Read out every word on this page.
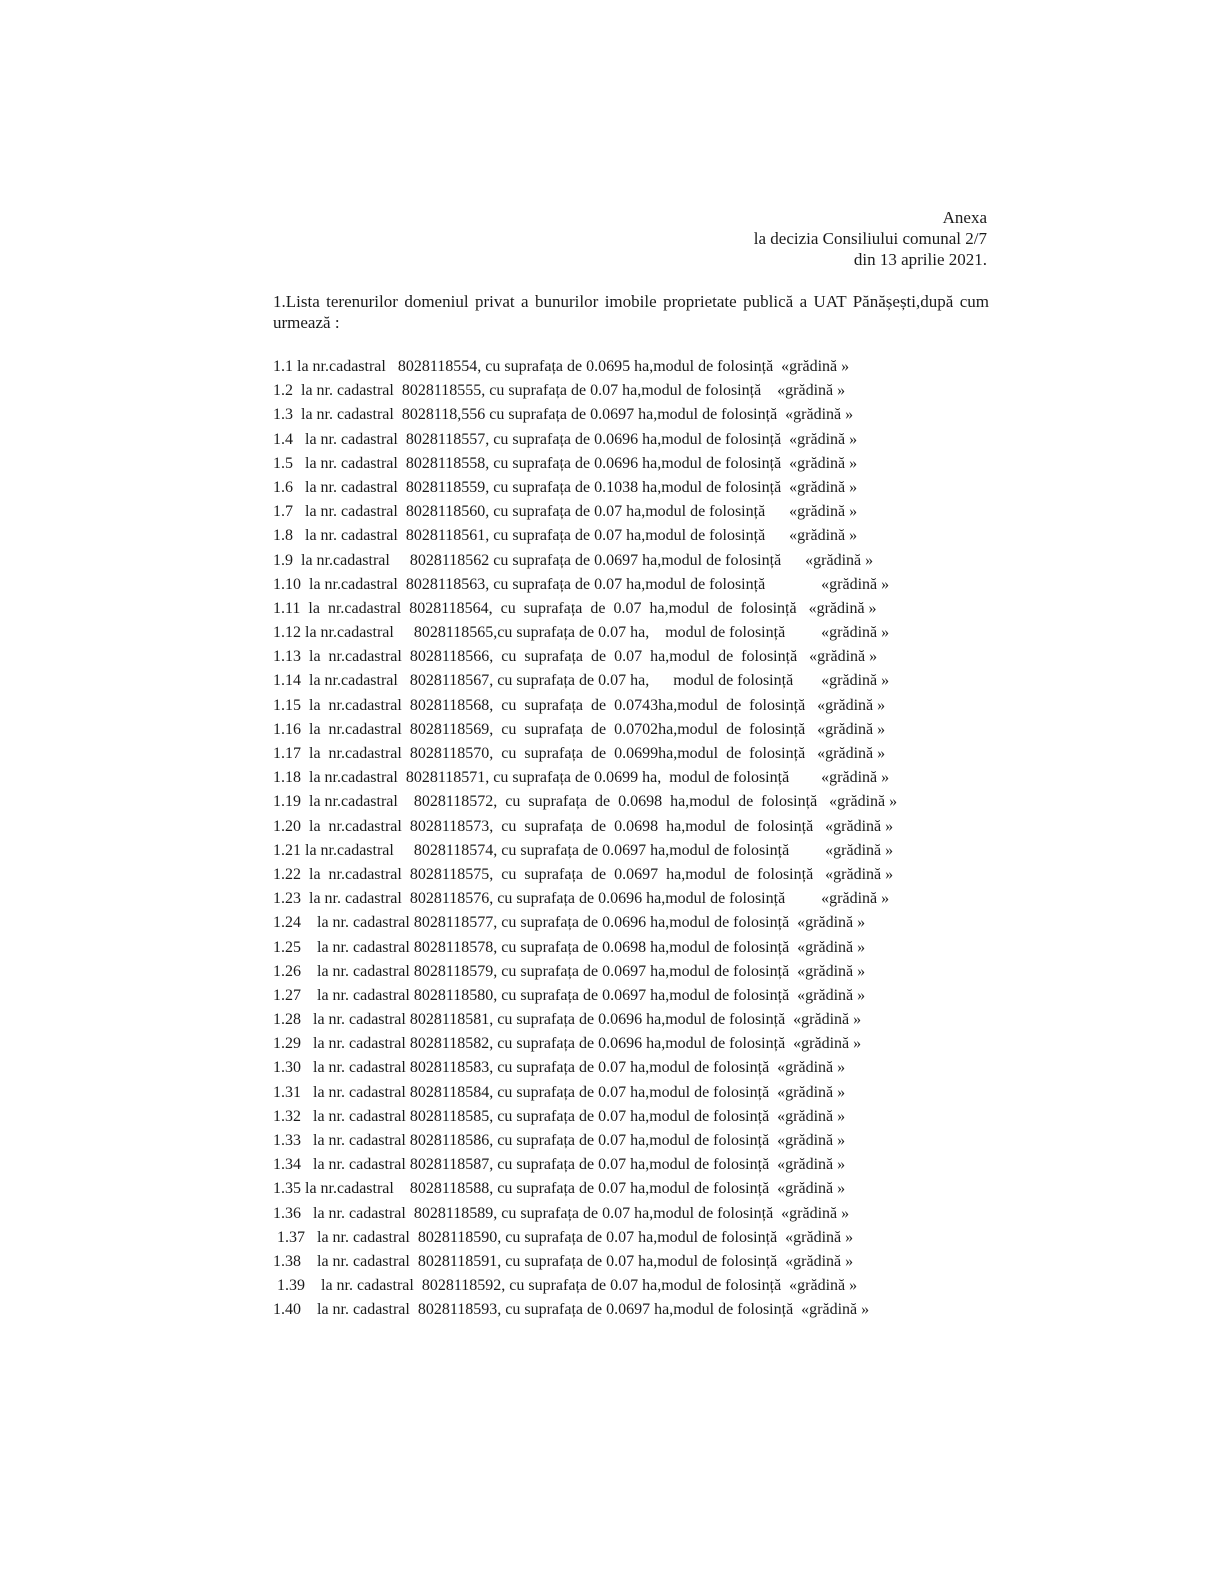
Anexa
la decizia Consiliului comunal 2/7
din 13 aprilie 2021.
1.Lista terenurilor domeniul privat a bunurilor imobile proprietate publică a UAT Pănășești,după cum urmează :
1.1 la nr.cadastral   8028118554, cu suprafața de 0.0695 ha,modul de folosință  «grădină »
1.2  la nr. cadastral  8028118555, cu suprafața de 0.07 ha,modul de folosință    «grădină »
1.3  la nr. cadastral  8028118,556 cu suprafața de 0.0697 ha,modul de folosință  «grădină »
1.4   la nr. cadastral  8028118557, cu suprafața de 0.0696 ha,modul de folosință  «grădină »
1.5   la nr. cadastral  8028118558, cu suprafața de 0.0696 ha,modul de folosință  «grădină »
1.6   la nr. cadastral  8028118559, cu suprafața de 0.1038 ha,modul de folosință  «grădină »
1.7   la nr. cadastral  8028118560, cu suprafața de 0.07 ha,modul de folosință      «grădină »
1.8   la nr. cadastral  8028118561, cu suprafața de 0.07 ha,modul de folosință      «grădină »
1.9  la nr.cadastral     8028118562 cu suprafața de 0.0697 ha,modul de folosință      «grădină »
1.10  la nr.cadastral  8028118563, cu suprafața de 0.07 ha,modul de folosință              «grădină »
1.11  la  nr.cadastral  8028118564,  cu  suprafața  de  0.07  ha,modul  de  folosință   «grădină »
1.12 la nr.cadastral     8028118565,cu suprafața de 0.07 ha,    modul de folosință         «grădină »
1.13  la  nr.cadastral  8028118566,  cu  suprafața  de  0.07  ha,modul  de  folosință   «grădină »
1.14  la nr.cadastral   8028118567, cu suprafața de 0.07 ha,      modul de folosință       «grădină »
1.15  la  nr.cadastral  8028118568,  cu  suprafața  de  0.0743ha,modul  de  folosință   «grădină »
1.16  la  nr.cadastral  8028118569,  cu  suprafața  de  0.0702ha,modul  de  folosință   «grădină »
1.17  la  nr.cadastral  8028118570,  cu  suprafața  de  0.0699ha,modul  de  folosință   «grădină »
1.18  la nr.cadastral  8028118571, cu suprafața de 0.0699 ha,  modul de folosință        «grădină »
1.19  la nr.cadastral    8028118572,  cu  suprafața  de  0.0698  ha,modul  de  folosință   «grădină »
1.20  la  nr.cadastral  8028118573,  cu  suprafața  de  0.0698  ha,modul  de  folosință   «grădină »
1.21 la nr.cadastral     8028118574, cu suprafața de 0.0697 ha,modul de folosință         «grădină »
1.22  la  nr.cadastral  8028118575,  cu  suprafața  de  0.0697  ha,modul  de  folosință   «grădină »
1.23  la nr. cadastral  8028118576, cu suprafața de 0.0696 ha,modul de folosință         «grădină »
1.24    la nr. cadastral 8028118577, cu suprafața de 0.0696 ha,modul de folosință  «grădină »
1.25    la nr. cadastral 8028118578, cu suprafața de 0.0698 ha,modul de folosință  «grădină »
1.26    la nr. cadastral 8028118579, cu suprafața de 0.0697 ha,modul de folosință  «grădină »
1.27    la nr. cadastral 8028118580, cu suprafața de 0.0697 ha,modul de folosință  «grădină »
1.28   la nr. cadastral 8028118581, cu suprafața de 0.0696 ha,modul de folosință  «grădină »
1.29   la nr. cadastral 8028118582, cu suprafața de 0.0696 ha,modul de folosință  «grădină »
1.30   la nr. cadastral 8028118583, cu suprafața de 0.07 ha,modul de folosință  «grădină »
1.31   la nr. cadastral 8028118584, cu suprafața de 0.07 ha,modul de folosință  «grădină »
1.32   la nr. cadastral 8028118585, cu suprafața de 0.07 ha,modul de folosință  «grădină »
1.33   la nr. cadastral 8028118586, cu suprafața de 0.07 ha,modul de folosință  «grădină »
1.34   la nr. cadastral 8028118587, cu suprafața de 0.07 ha,modul de folosință  «grădină »
1.35 la nr.cadastral    8028118588, cu suprafața de 0.07 ha,modul de folosință  «grădină »
1.36   la nr. cadastral  8028118589, cu suprafața de 0.07 ha,modul de folosință  «grădină »
1.37   la nr. cadastral  8028118590, cu suprafața de 0.07 ha,modul de folosință  «grădină »
1.38    la nr. cadastral  8028118591, cu suprafața de 0.07 ha,modul de folosință  «grădină »
1.39    la nr. cadastral  8028118592, cu suprafața de 0.07 ha,modul de folosință  «grădină »
1.40    la nr. cadastral  8028118593, cu suprafața de 0.0697 ha,modul de folosință  «grădină »
